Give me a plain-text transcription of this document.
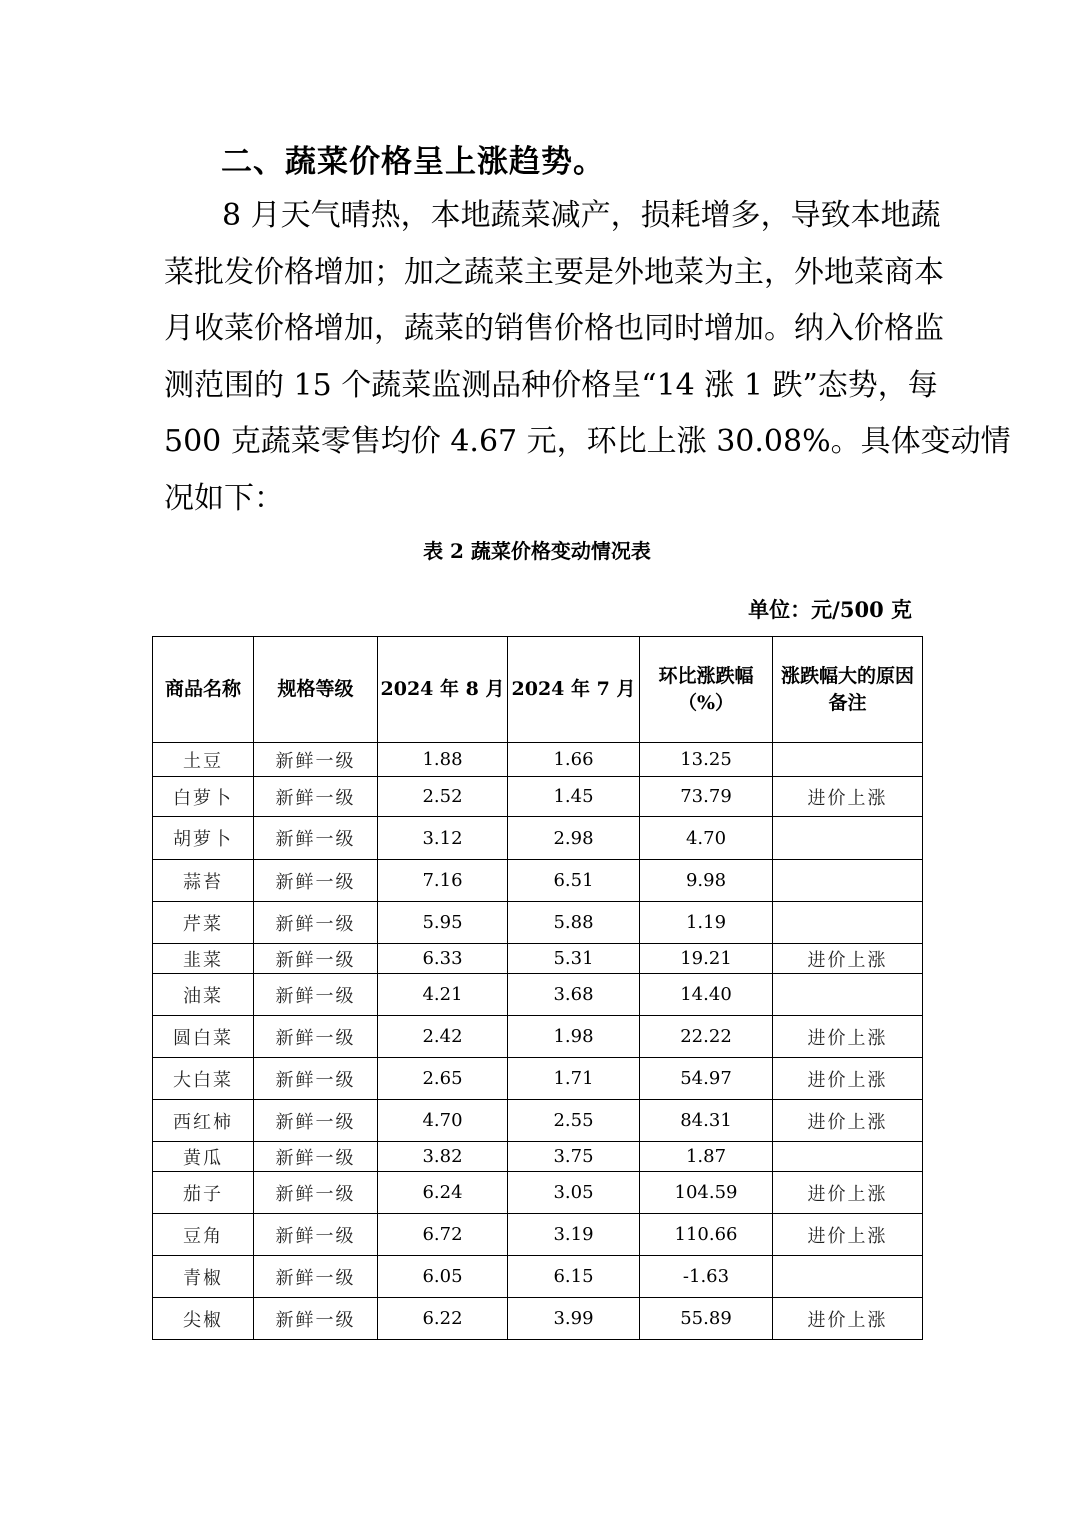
二、蔬菜价格呈上涨趋势。

8 月天气晴热，本地蔬菜减产，损耗增多，导致本地蔬
菜批发价格增加；加之蔬菜主要是外地菜为主，外地菜商本
月收菜价格增加，蔬菜的销售价格也同时增加。纳入价格监
测范围的 15 个蔬菜监测品种价格呈“14 涨 1 跌”态势，每
500 克蔬菜零售均价 4.67 元，环比上涨 30.08%。具体变动情
况如下：

表 2 蔬菜价格变动情况表
单位：元/500 克
商品名称	规格等级	2024 年 8 月	2024 年 7 月	环比涨跌幅（%）	涨跌幅大的原因备注
土豆	新鲜一级	1.88	1.66	13.25	
白萝卜	新鲜一级	2.52	1.45	73.79	进价上涨
胡萝卜	新鲜一级	3.12	2.98	4.70	
蒜苔	新鲜一级	7.16	6.51	9.98	
芹菜	新鲜一级	5.95	5.88	1.19	
韭菜	新鲜一级	6.33	5.31	19.21	进价上涨
油菜	新鲜一级	4.21	3.68	14.40	
圆白菜	新鲜一级	2.42	1.98	22.22	进价上涨
大白菜	新鲜一级	2.65	1.71	54.97	进价上涨
西红柿	新鲜一级	4.70	2.55	84.31	进价上涨
黄瓜	新鲜一级	3.82	3.75	1.87	
茄子	新鲜一级	6.24	3.05	104.59	进价上涨
豆角	新鲜一级	6.72	3.19	110.66	进价上涨
青椒	新鲜一级	6.05	6.15	-1.63	
尖椒	新鲜一级	6.22	3.99	55.89	进价上涨
